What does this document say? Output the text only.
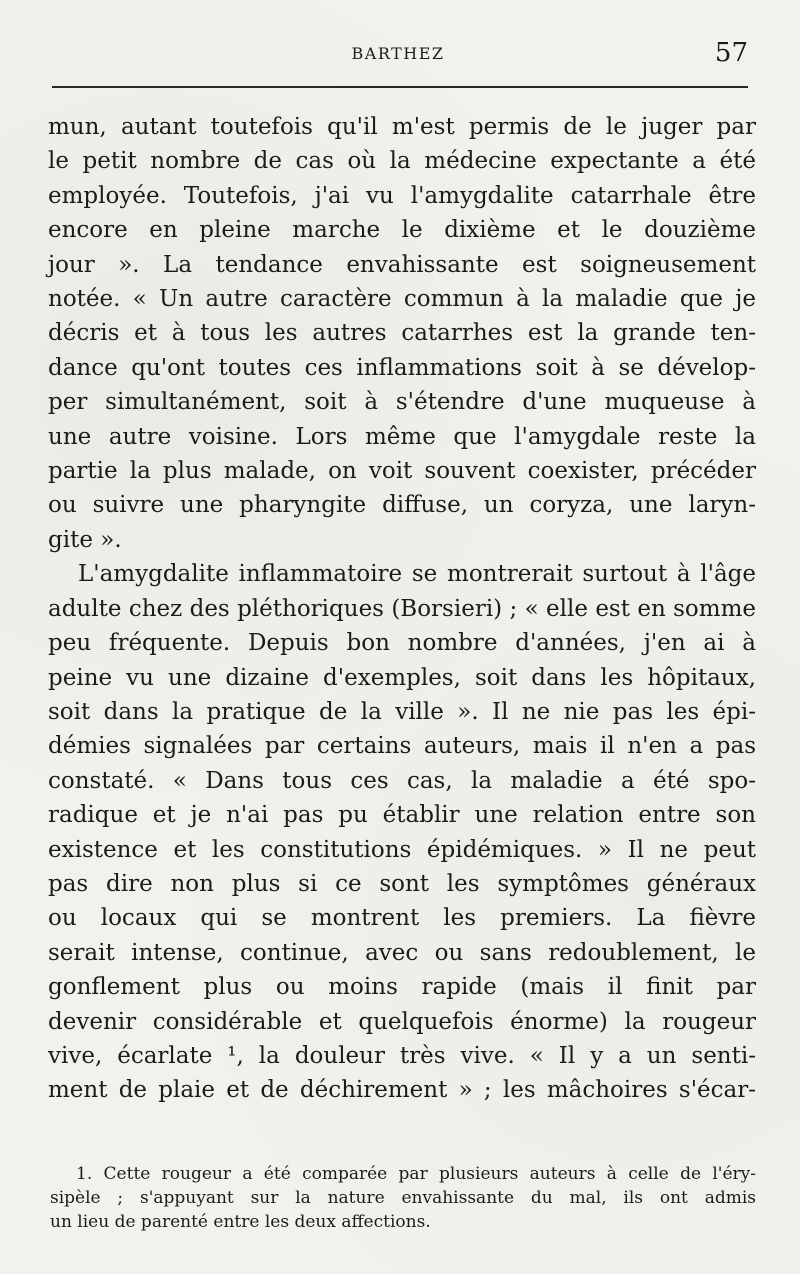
BARTHEZ	57
mun, autant toutefois qu'il m'est permis de le juger par
le petit nombre de cas où la médecine expectante a été
employée. Toutefois, j'ai vu l'amygdalite catarrhale être
encore en pleine marche le dixième et le douzième
jour ». La tendance envahissante est soigneusement
notée. « Un autre caractère commun à la maladie que je
décris et à tous les autres catarrhes est la grande ten-
dance qu'ont toutes ces inflammations soit à se dévelop-
per simultanément, soit à s'étendre d'une muqueuse à
une autre voisine. Lors même que l'amygdale reste la
partie la plus malade, on voit souvent coexister, précéder
ou suivre une pharyngite diffuse, un coryza, une laryn-
gite ».
L'amygdalite inflammatoire se montrerait surtout à l'âge
adulte chez des pléthoriques (Borsieri) ; « elle est en somme
peu fréquente. Depuis bon nombre d'années, j'en ai à
peine vu une dizaine d'exemples, soit dans les hôpitaux,
soit dans la pratique de la ville ». Il ne nie pas les épi-
démies signalées par certains auteurs, mais il n'en a pas
constaté. « Dans tous ces cas, la maladie a été spo-
radique et je n'ai pas pu établir une relation entre son
existence et les constitutions épidémiques. » Il ne peut
pas dire non plus si ce sont les symptômes généraux
ou locaux qui se montrent les premiers. La fièvre
serait intense, continue, avec ou sans redoublement, le
gonflement plus ou moins rapide (mais il finit par
devenir considérable et quelquefois énorme) la rougeur
vive, écarlate ¹, la douleur très vive. « Il y a un senti-
ment de plaie et de déchirement » ; les mâchoires s'écar-
1. Cette rougeur a été comparée par plusieurs auteurs à celle de l'éry-
sipèle ; s'appuyant sur la nature envahissante du mal, ils ont admis
un lieu de parenté entre les deux affections.
